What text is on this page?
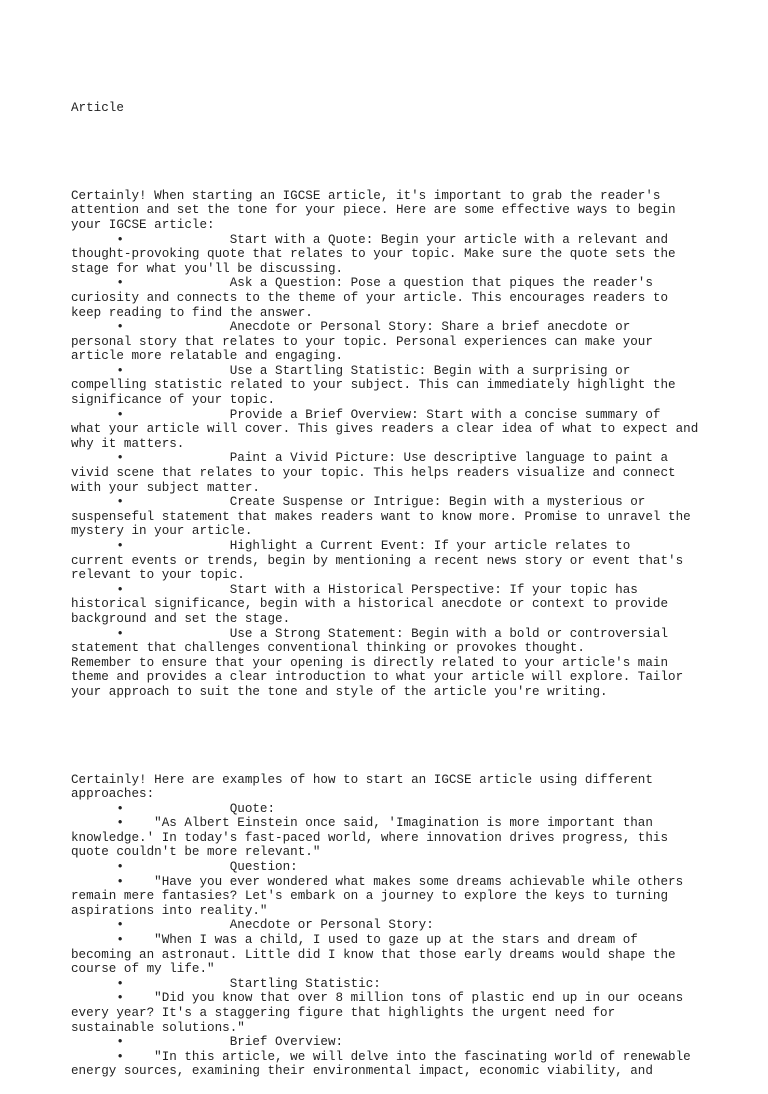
Article

Certainly! When starting an IGCSE article, it's important to grab the reader's
attention and set the tone for your piece. Here are some effective ways to begin
your IGCSE article:
•              Start with a Quote: Begin your article with a relevant and
thought-provoking quote that relates to your topic. Make sure the quote sets the
stage for what you'll be discussing.
•              Ask a Question: Pose a question that piques the reader's
curiosity and connects to the theme of your article. This encourages readers to
keep reading to find the answer.
•              Anecdote or Personal Story: Share a brief anecdote or
personal story that relates to your topic. Personal experiences can make your
article more relatable and engaging.
•              Use a Startling Statistic: Begin with a surprising or
compelling statistic related to your subject. This can immediately highlight the
significance of your topic.
•              Provide a Brief Overview: Start with a concise summary of
what your article will cover. This gives readers a clear idea of what to expect and
why it matters.
•              Paint a Vivid Picture: Use descriptive language to paint a
vivid scene that relates to your topic. This helps readers visualize and connect
with your subject matter.
•              Create Suspense or Intrigue: Begin with a mysterious or
suspenseful statement that makes readers want to know more. Promise to unravel the
mystery in your article.
•              Highlight a Current Event: If your article relates to
current events or trends, begin by mentioning a recent news story or event that's
relevant to your topic.
•              Start with a Historical Perspective: If your topic has
historical significance, begin with a historical anecdote or context to provide
background and set the stage.
•              Use a Strong Statement: Begin with a bold or controversial
statement that challenges conventional thinking or provokes thought.
Remember to ensure that your opening is directly related to your article's main
theme and provides a clear introduction to what your article will explore. Tailor
your approach to suit the tone and style of the article you're writing.

Certainly! Here are examples of how to start an IGCSE article using different
approaches:
•              Quote:
•    "As Albert Einstein once said, 'Imagination is more important than
knowledge.' In today's fast-paced world, where innovation drives progress, this
quote couldn't be more relevant."
•              Question:
•    "Have you ever wondered what makes some dreams achievable while others
remain mere fantasies? Let's embark on a journey to explore the keys to turning
aspirations into reality."
•              Anecdote or Personal Story:
•    "When I was a child, I used to gaze up at the stars and dream of
becoming an astronaut. Little did I know that those early dreams would shape the
course of my life."
•              Startling Statistic:
•    "Did you know that over 8 million tons of plastic end up in our oceans
every year? It's a staggering figure that highlights the urgent need for
sustainable solutions."
•              Brief Overview:
•    "In this article, we will delve into the fascinating world of renewable
energy sources, examining their environmental impact, economic viability, and
